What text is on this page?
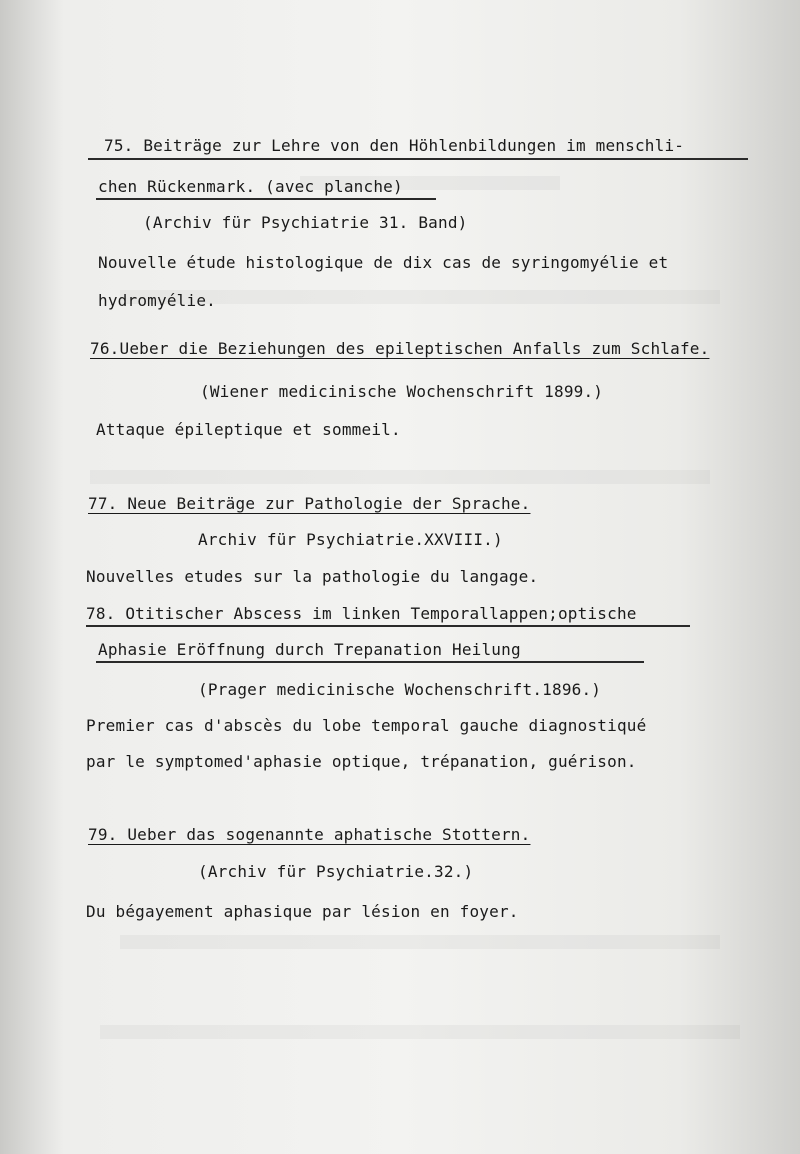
75. Beiträge zur Lehre von den Höhlenbildungen im menschli-
chen Rückenmark. (avec planche)
(Archiv für Psychiatrie 31. Band)
Nouvelle étude histologique de dix cas de syringomyélie et
hydromyélie.
76.Ueber die Beziehungen des epileptischen Anfalls zum Schlafe.
(Wiener medicinische Wochenschrift 1899.)
Attaque épileptique et sommeil.
77. Neue Beiträge zur Pathologie der Sprache.
Archiv für Psychiatrie.XXVIII.)
Nouvelles etudes sur la pathologie du langage.
78. Otitischer Abscess im linken Temporallappen;optische
Aphasie Eröffnung durch Trepanation Heilung
(Prager medicinische Wochenschrift.1896.)
Premier cas d'abscès du lobe temporal gauche diagnostiqué
par le symptomed'aphasie optique, trépanation, guérison.
79. Ueber das sogenannte aphatische Stottern.
(Archiv für Psychiatrie.32.)
Du bégayement aphasique par lésion en foyer.
